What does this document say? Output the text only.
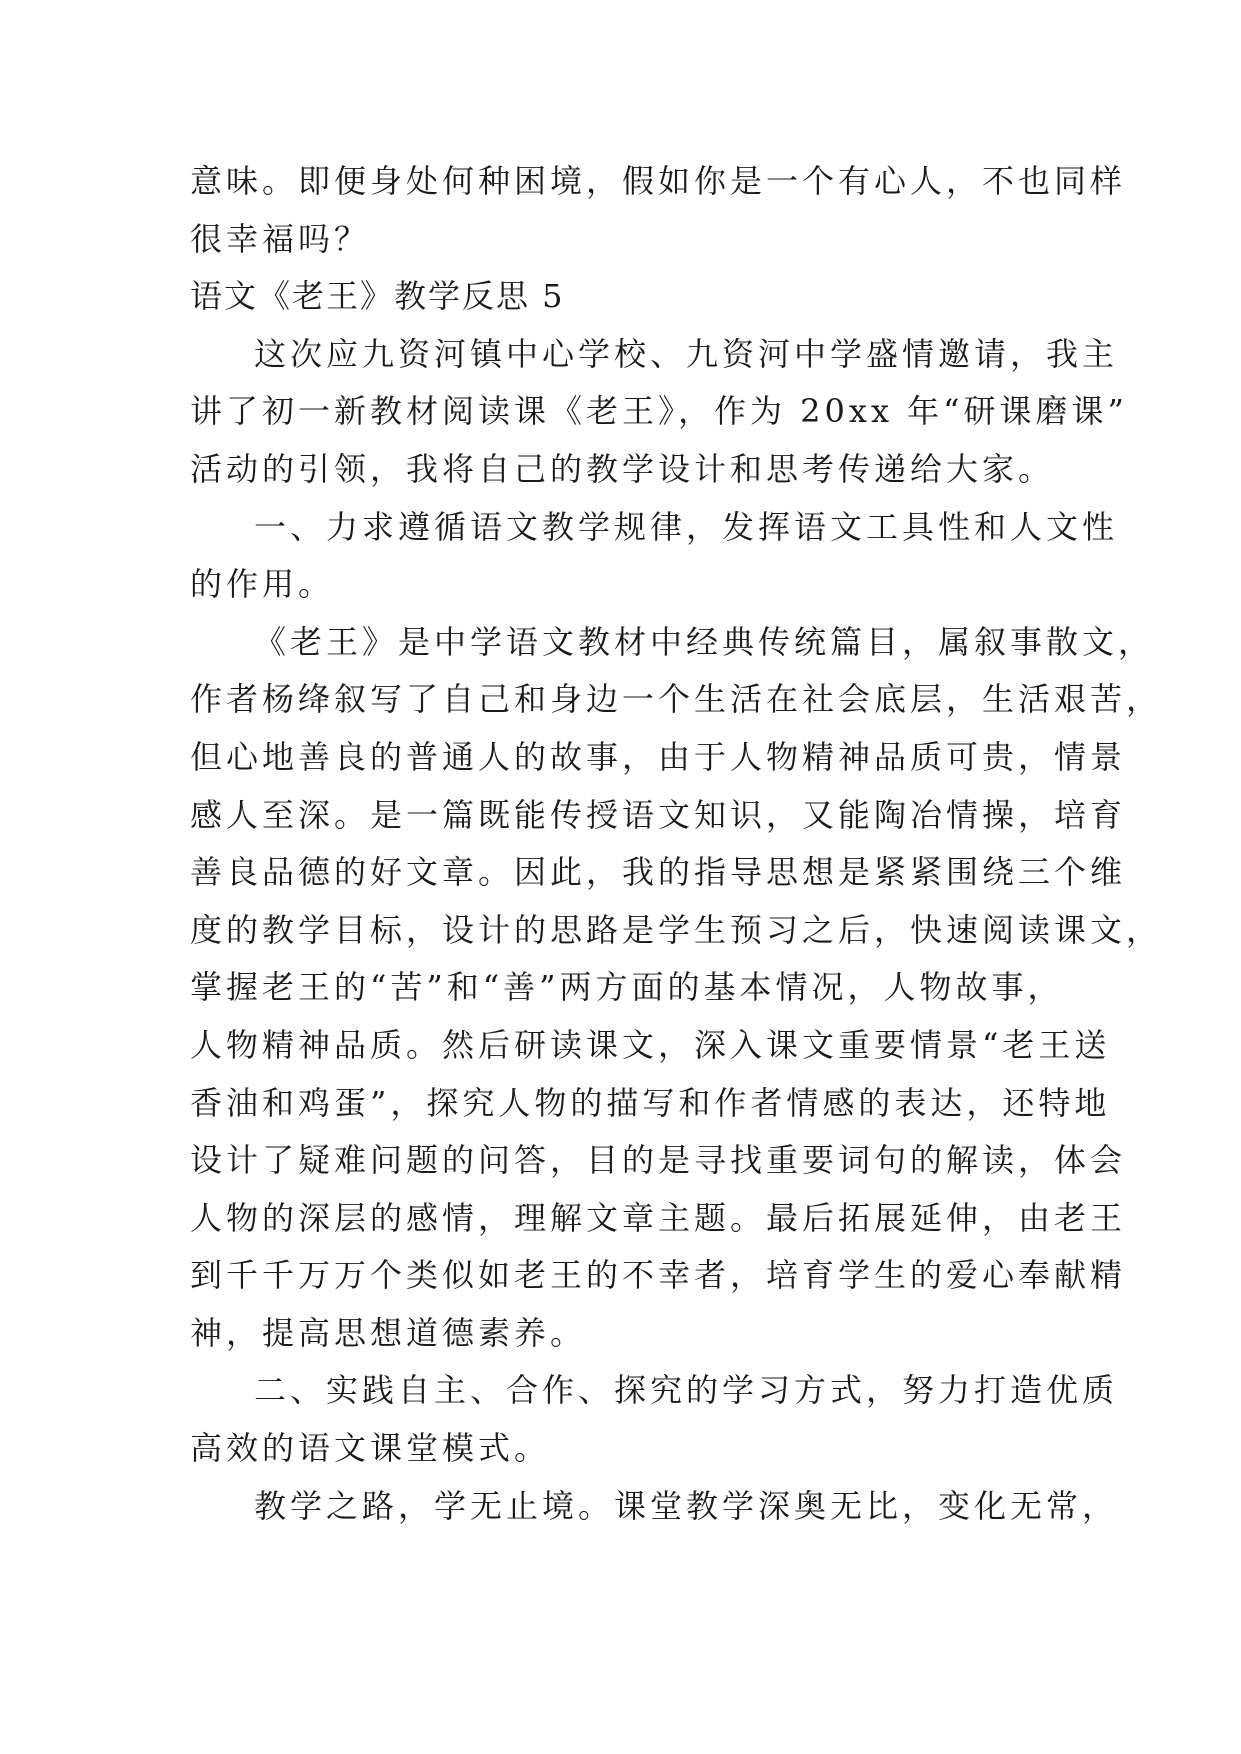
意味。即便身处何种困境，假如你是一个有心人，不也同样
很幸福吗？
语文《老王》教学反思 5
这次应九资河镇中心学校、九资河中学盛情邀请，我主
讲了初一新教材阅读课《老王》，作为 20xx 年“研课磨课”
活动的引领，我将自己的教学设计和思考传递给大家。
一、力求遵循语文教学规律，发挥语文工具性和人文性
的作用。
《老王》是中学语文教材中经典传统篇目，属叙事散文，
作者杨绛叙写了自己和身边一个生活在社会底层，生活艰苦，
但心地善良的普通人的故事，由于人物精神品质可贵，情景
感人至深。是一篇既能传授语文知识，又能陶冶情操，培育
善良品德的好文章。因此，我的指导思想是紧紧围绕三个维
度的教学目标，设计的思路是学生预习之后，快速阅读课文，
掌握老王的“苦”和“善”两方面的基本情况，人物故事，
人物精神品质。然后研读课文，深入课文重要情景“老王送
香油和鸡蛋”，探究人物的描写和作者情感的表达，还特地
设计了疑难问题的问答，目的是寻找重要词句的解读，体会
人物的深层的感情，理解文章主题。最后拓展延伸，由老王
到千千万万个类似如老王的不幸者，培育学生的爱心奉献精
神，提高思想道德素养。
二、实践自主、合作、探究的学习方式，努力打造优质
高效的语文课堂模式。
教学之路，学无止境。课堂教学深奥无比，变化无常，
